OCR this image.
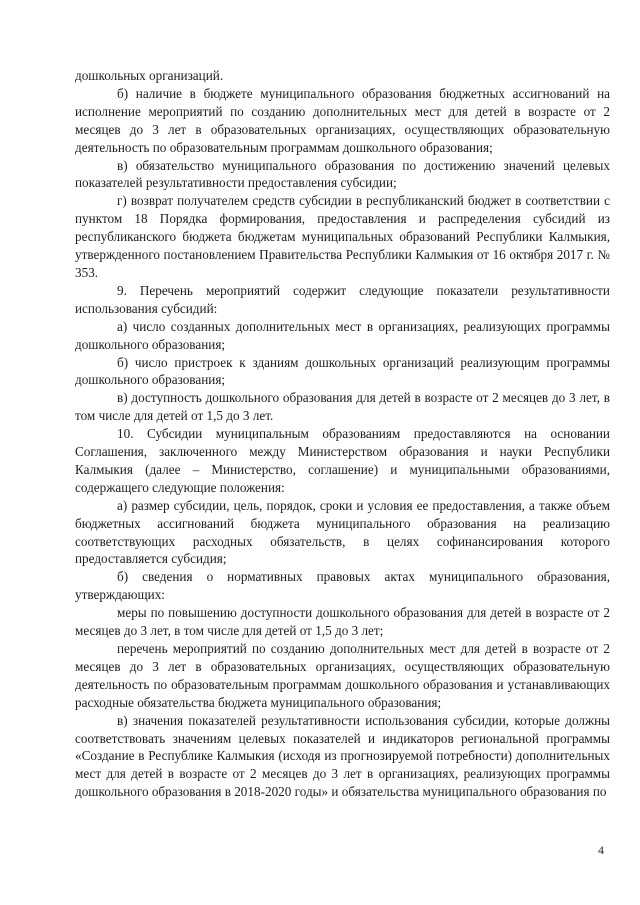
дошкольных организаций.

б) наличие в бюджете муниципального образования бюджетных ассигнований на исполнение мероприятий по созданию дополнительных мест для детей в возрасте от 2 месяцев до 3 лет в образовательных организациях, осуществляющих образовательную деятельность по образовательным программам дошкольного образования;

в) обязательство муниципального образования по достижению значений целевых показателей результативности предоставления субсидии;

г) возврат получателем средств субсидии в республиканский бюджет в соответствии с пунктом 18 Порядка формирования, предоставления и распределения субсидий из республиканского бюджета бюджетам муниципальных образований Республики Калмыкия, утвержденного постановлением Правительства Республики Калмыкия от 16 октября 2017 г. № 353.

9. Перечень мероприятий содержит следующие показатели результативности использования субсидий:

а) число созданных дополнительных мест в организациях, реализующих программы дошкольного образования;

б) число пристроек к зданиям дошкольных организаций реализующим программы дошкольного образования;

в) доступность дошкольного образования для детей в возрасте от 2 месяцев до 3 лет, в том числе для детей от 1,5 до 3 лет.

10. Субсидии муниципальным образованиям предоставляются на основании Соглашения, заключенного между Министерством образования и науки Республики Калмыкия (далее – Министерство, соглашение) и муниципальными образованиями, содержащего следующие положения:

а) размер субсидии, цель, порядок, сроки и условия ее предоставления, а также объем бюджетных ассигнований бюджета муниципального образования на реализацию соответствующих расходных обязательств, в целях софинансирования которого предоставляется субсидия;

б) сведения о нормативных правовых актах муниципального образования, утверждающих:

меры по повышению доступности дошкольного образования для детей в возрасте от 2 месяцев до 3 лет, в том числе для детей от 1,5 до 3 лет;

перечень мероприятий по созданию дополнительных мест для детей в возрасте от 2 месяцев до 3 лет в образовательных организациях, осуществляющих образовательную деятельность по образовательным программам дошкольного образования и устанавливающих расходные обязательства бюджета муниципального образования;

в) значения показателей результативности использования субсидии, которые должны соответствовать значениям целевых показателей и индикаторов региональной программы «Создание в Республике Калмыкия (исходя из прогнозируемой потребности) дополнительных мест для детей в возрасте от 2 месяцев до 3 лет в организациях, реализующих программы дошкольного образования в 2018-2020 годы» и обязательства муниципального образования по

4
